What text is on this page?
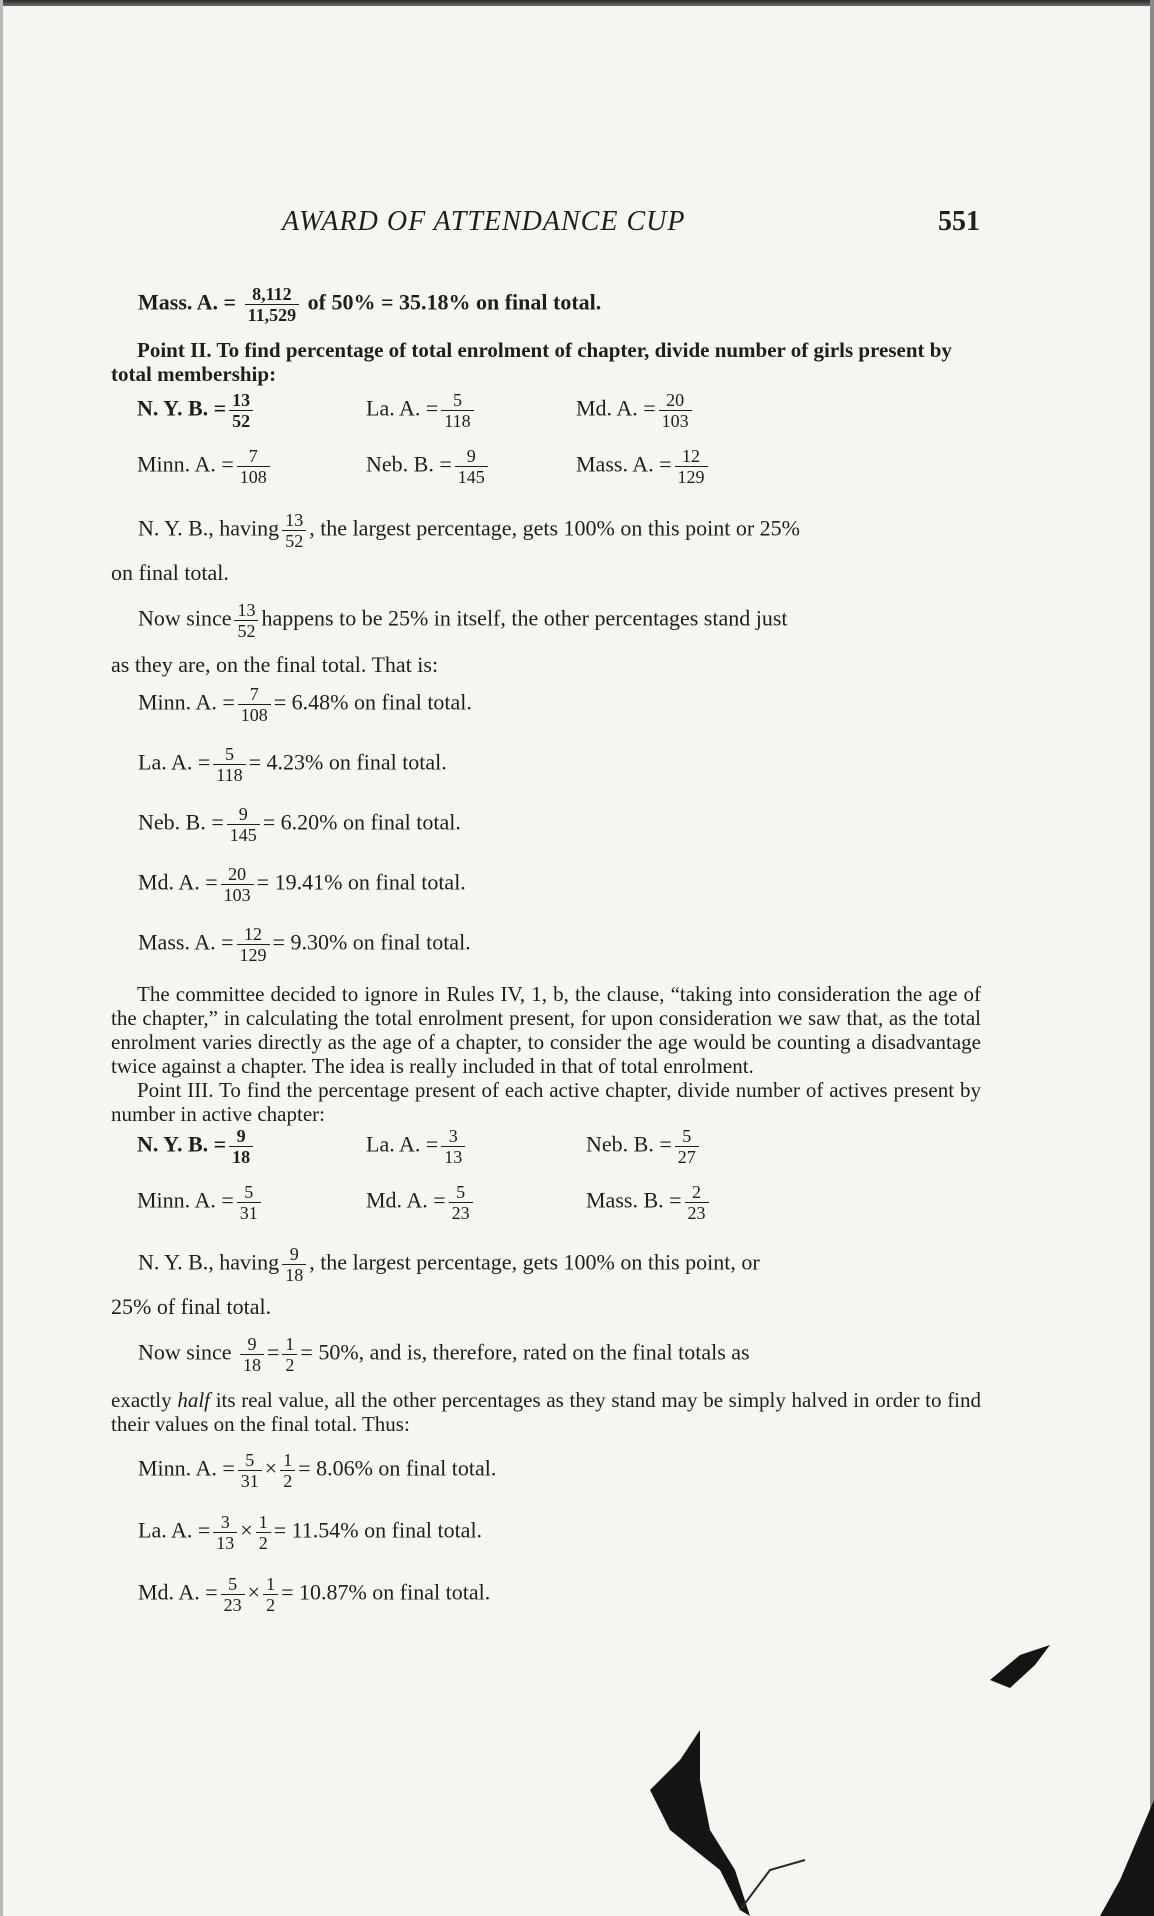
AWARD OF ATTENDANCE CUP	551
Mass. A. = $\frac{8,112}{11,529}$ of 50% = 35.18% on final total.
Point II. To find percentage of total enrolment of chapter, divide number of girls present by total membership:
N. Y. B. = $\frac{13}{52}$	La. A. = $\frac{5}{118}$	Md. A. = $\frac{20}{103}$
Minn. A. = $\frac{7}{108}$	Neb. B. = $\frac{9}{145}$	Mass. A. = $\frac{12}{129}$
N. Y. B., having $\frac{13}{52}$ , the largest percentage, gets 100% on this point or 25%
on final total.
Now since $\frac{13}{52}$ happens to be 25% in itself, the other percentages stand just
as they are, on the final total. That is:
Minn. A. = $\frac{7}{108} = 6.48\%$ on final total.
La. A. = $\frac{5}{118} = 4.23\%$ on final total.
Neb. B. = $\frac{9}{145} = 6.20\%$ on final total.
Md. A. = $\frac{20}{103} = 19.41\%$ on final total.
Mass. A. = $\frac{12}{129} = 9.30\%$ on final total.
The committee decided to ignore in Rules IV, 1, b, the clause, “taking into consideration the age of the chapter,” in calculating the total enrolment present, for upon consideration we saw that, as the total enrolment varies directly as the age of a chapter, to consider the age would be counting a disadvantage twice against a chapter. The idea is really included in that of total enrolment.
Point III. To find the percentage present of each active chapter, divide number of actives present by number in active chapter:
N. Y. B. = $\frac{9}{18}$	La. A. = $\frac{3}{13}$	Neb. B. = $\frac{5}{27}$
Minn. A. = $\frac{5}{31}$	Md. A. = $\frac{5}{23}$	Mass. B. = $\frac{2}{23}$
N. Y. B., having $\frac{9}{18}$ , the largest percentage, gets 100% on this point, or
25% of final total.
Now since $\frac{9}{18} = \frac{1}{2} = 50\%$, and is, therefore, rated on the final totals as
exactly half its real value, all the other percentages as they stand may be simply halved in order to find their values on the final total. Thus:
Minn. A. = $\frac{5}{31} \times \frac{1}{2} = 8.06\%$ on final total.
La. A. = $\frac{3}{13} \times \frac{1}{2} = 11.54\%$ on final total.
Md. A. = $\frac{5}{23} \times \frac{1}{2} = 10.87\%$ on final total.
